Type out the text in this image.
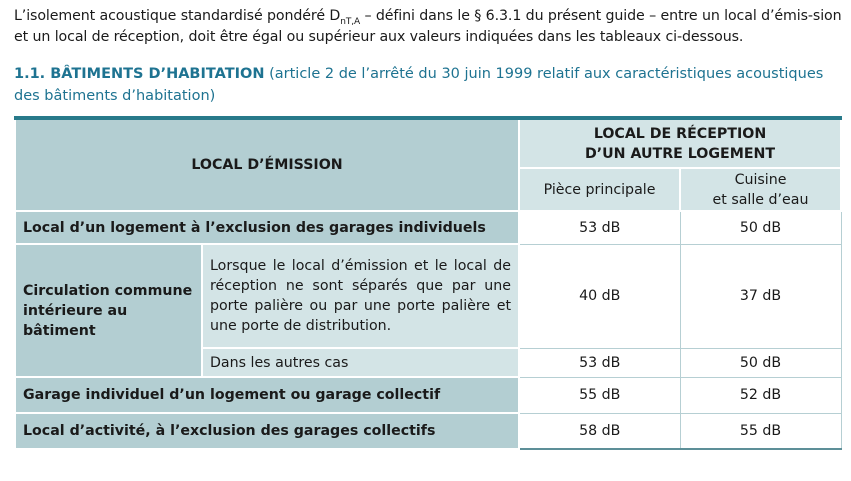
L’isolement acoustique standardisé pondéré $D_{nT,A}$ – défini dans le § 6.3.1 du présent guide – entre un local d’émis-sion et un local de réception, doit être égal ou supérieur aux valeurs indiquées dans les tableaux ci-dessous.
1.1. BÂTIMENTS D’HABITATION (article 2 de l’arrêté du 30 juin 1999 relatif aux caractéristiques acoustiques des bâtiments d’habitation)
LOCAL D’ÉMISSION		LOCAL DE RÉCEPTION
D’UN AUTRE LOGEMENT	

		Pièce principale	Cuisine
et salle d’eau

Local d’un logement à l’exclusion des garages individuels		53 dB	50 dB
Circulation commune intérieure au bâtiment	Lorsque le local d’émission et le local de réception ne sont séparés que par une porte palière ou par une porte palière et une porte de distribution.	40 dB	37 dB
	Dans les autres cas	53 dB	50 dB
Garage individuel d’un logement ou garage collectif		55 dB	52 dB
Local d’activité, à l’exclusion des garages collectifs		58 dB	55 dB
